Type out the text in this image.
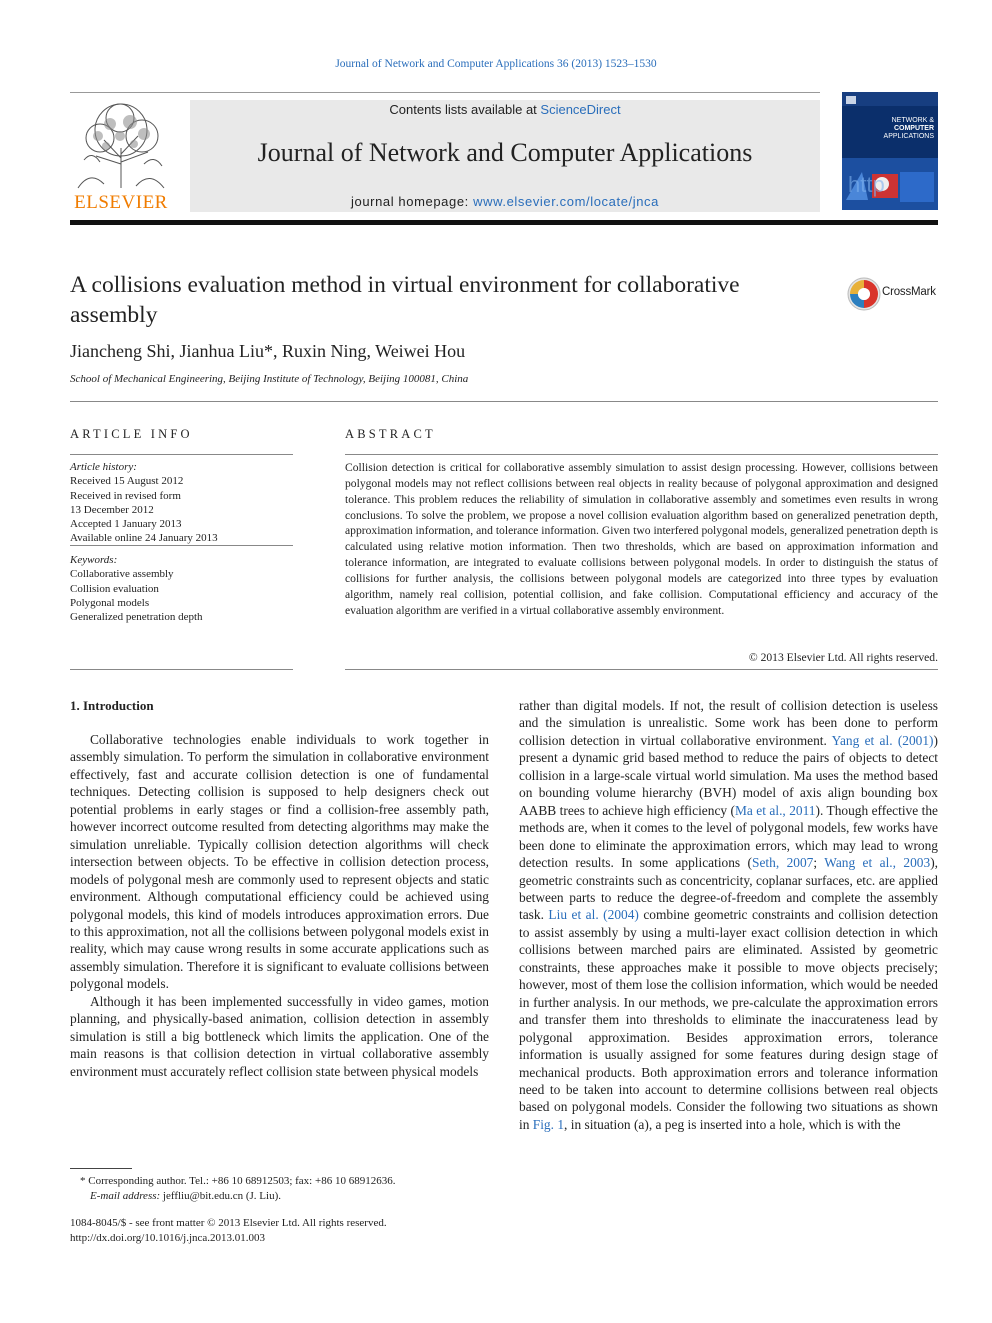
Journal of Network and Computer Applications 36 (2013) 1523–1530
ELSEVIER
Contents lists available at ScienceDirect
Journal of Network and Computer Applications
journal homepage: www.elsevier.com/locate/jnca
http
NETWORK &
COMPUTER
APPLICATIONS
A collisions evaluation method in virtual environment for collaborative assembly
CrossMark
Jiancheng Shi, Jianhua Liu*, Ruxin Ning, Weiwei Hou
School of Mechanical Engineering, Beijing Institute of Technology, Beijing 100081, China
ARTICLE INFO	ABSTRACT
Article history:
Received 15 August 2012
Received in revised form
13 December 2012
Accepted 1 January 2013
Available online 24 January 2013
Keywords:
Collaborative assembly
Collision evaluation
Polygonal models
Generalized penetration depth
Collision detection is critical for collaborative assembly simulation to assist design processing. However, collisions between polygonal models may not reflect collisions between real objects in reality because of polygonal approximation and designed tolerance. This problem reduces the reliability of simulation in collaborative assembly and sometimes even results in wrong conclusions. To solve the problem, we propose a novel collision evaluation algorithm based on generalized penetration depth, approximation information, and tolerance information. Given two interfered polygonal models, generalized penetration depth is calculated using relative motion information. Then two thresholds, which are based on approximation information and tolerance information, are integrated to evaluate collisions between polygonal models. In order to distinguish the status of collisions for further analysis, the collisions between polygonal models are categorized into three types by evaluation algorithm, namely real collision, potential collision, and fake collision. Computational efficiency and accuracy of the evaluation algorithm are verified in a virtual collaborative assembly environment.
© 2013 Elsevier Ltd. All rights reserved.
1. Introduction

Collaborative technologies enable individuals to work together in assembly simulation. To perform the simulation in collaborative environment effectively, fast and accurate collision detection is one of fundamental techniques. Detecting collision is supposed to help designers check out potential problems in early stages or find a collision-free assembly path, however incorrect outcome resulted from detecting algorithms may make the simulation unreliable. Typically collision detection algorithms will check intersection between objects. To be effective in collision detection process, models of polygonal mesh are commonly used to represent objects and static environment. Although computational efficiency could be achieved using polygonal models, this kind of models introduces approximation errors. Due to this approximation, not all the collisions between polygonal models exist in reality, which may cause wrong results in some accurate applications such as assembly simulation. Therefore it is significant to evaluate collisions between polygonal models.

Although it has been implemented successfully in video games, motion planning, and physically-based animation, collision detection in assembly simulation is still a big bottleneck which limits the application. One of the main reasons is that collision detection in virtual collaborative assembly environment must accurately reflect collision state between physical models

rather than digital models. If not, the result of collision detection is useless and the simulation is unrealistic. Some work has been done to perform collision detection in virtual collaborative environment. Yang et al. (2001)) present a dynamic grid based method to reduce the pairs of objects to detect collision in a large-scale virtual world simulation. Ma uses the method based on bounding volume hierarchy (BVH) model of axis align bounding box AABB trees to achieve high efficiency (Ma et al., 2011). Though effective the methods are, when it comes to the level of polygonal models, few works have been done to eliminate the approximation errors, which may lead to wrong detection results. In some applications (Seth, 2007; Wang et al., 2003), geometric constraints such as concentricity, coplanar surfaces, etc. are applied between parts to reduce the degree-of-freedom and complete the assembly task. Liu et al. (2004) combine geometric constraints and collision detection to assist assembly by using a multi-layer exact collision detection in which collisions between marched pairs are eliminated. Assisted by geometric constraints, these approaches make it possible to move objects precisely; however, most of them lose the collision information, which would be needed in further analysis. In our methods, we pre-calculate the approximation errors and transfer them into thresholds to eliminate the inaccurateness lead by polygonal approximation. Besides approximation errors, tolerance information is usually assigned for some features during design stage of mechanical products. Both approximation errors and tolerance information need to be taken into account to determine collisions between real objects based on polygonal models. Consider the following two situations as shown in Fig. 1, in situation (a), a peg is inserted into a hole, which is with the

* Corresponding author. Tel.: +86 10 68912503; fax: +86 10 68912636.
E-mail address: jeffliu@bit.edu.cn (J. Liu).
1084-8045/$ - see front matter © 2013 Elsevier Ltd. All rights reserved.
http://dx.doi.org/10.1016/j.jnca.2013.01.003
